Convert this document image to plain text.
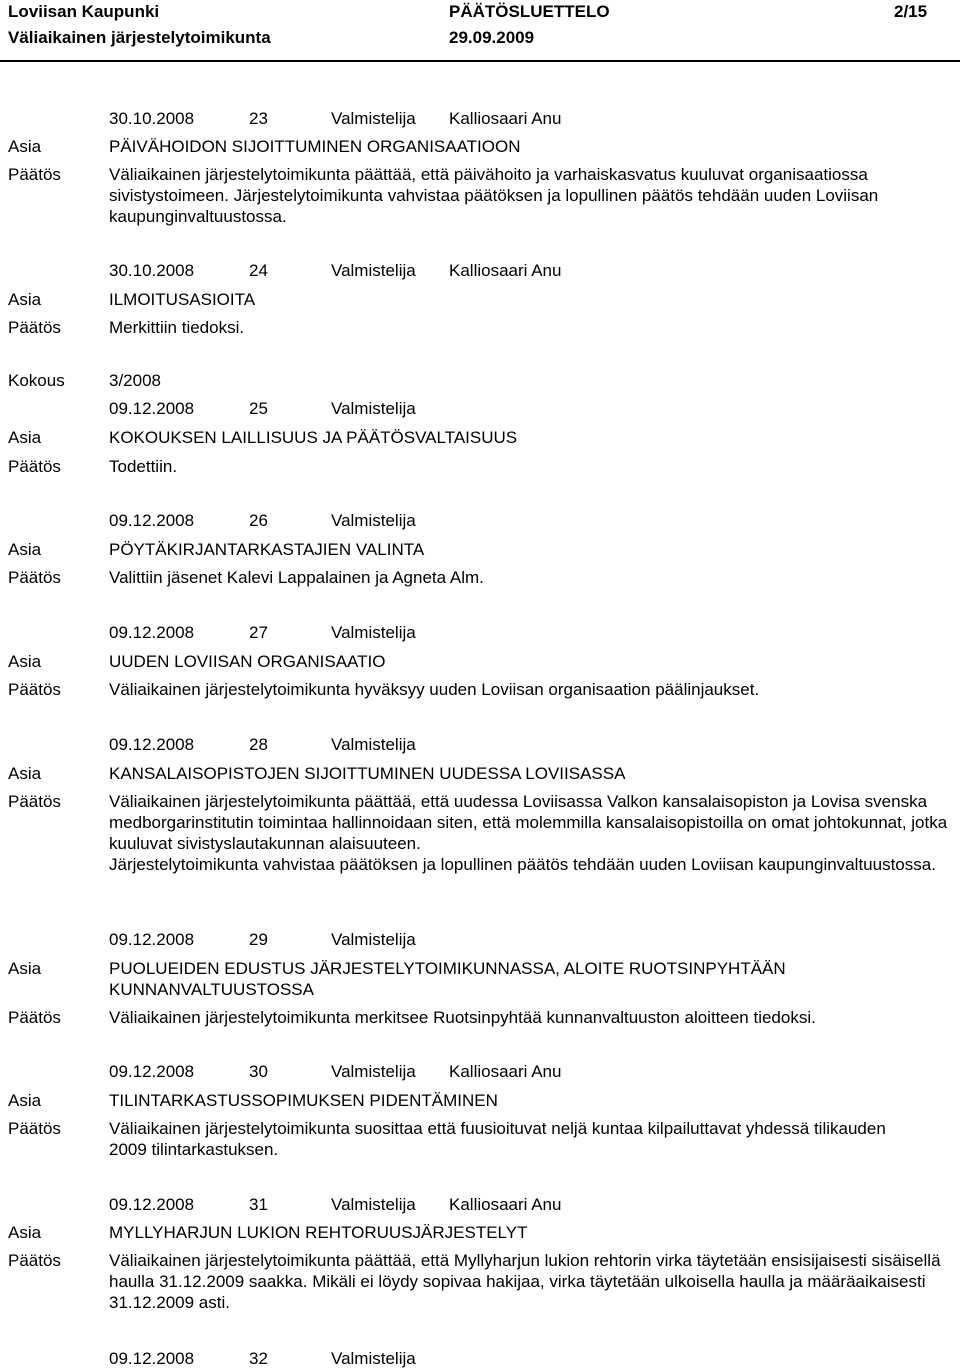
Loviisan Kaupunki	PÄÄTÖSLUETTELO	2/15
Väliaikainen järjestelytoimikunta	29.09.2009
30.10.2008	23	Valmistelija Kalliosaari Anu
Asia	PÄIVÄHOIDON SIJOITTUMINEN ORGANISAATIOON
Päätös	Väliaikainen järjestelytoimikunta päättää, että päivähoito ja varhaiskasvatus kuuluvat organisaatiossa sivistystoimeen. Järjestelytoimikunta vahvistaa päätöksen ja lopullinen päätös tehdään uuden Loviisan kaupunginvaltuustossa.
30.10.2008	24	Valmistelija Kalliosaari Anu
Asia	ILMOITUSASIOITA
Päätös	Merkittiin tiedoksi.
Kokous	3/2008
09.12.2008	25	Valmistelija
Asia	KOKOUKSEN LAILLISUUS JA PÄÄTÖSVALTAISUUS
Päätös	Todettiin.
09.12.2008	26	Valmistelija
Asia	PÖYTÄKIRJANTARKASTAJIEN VALINTA
Päätös	Valittiin jäsenet Kalevi Lappalainen ja Agneta Alm.
09.12.2008	27	Valmistelija
Asia	UUDEN LOVIISAN ORGANISAATIO
Päätös	Väliaikainen järjestelytoimikunta hyväksyy uuden Loviisan organisaation päälinjaukset.
09.12.2008	28	Valmistelija
Asia	KANSALAISOPISTOJEN SIJOITTUMINEN UUDESSA LOVIISASSA
Päätös	Väliaikainen järjestelytoimikunta päättää, että uudessa Loviisassa Valkon kansalaisopiston ja Lovisa svenska medborgarinstitutin toimintaa hallinnoidaan siten, että molemmilla kansalaisopistoilla on omat johtokunnat, jotka kuuluvat sivistyslautakunnan alaisuuteen.
Järjestelytoimikunta vahvistaa päätöksen ja lopullinen päätös tehdään uuden Loviisan kaupunginvaltuustossa.
09.12.2008	29	Valmistelija
Asia	PUOLUEIDEN EDUSTUS JÄRJESTELYTOIMIKUNNASSA, ALOITE RUOTSINPYHTÄÄN KUNNANVALTUUSTOSSA
Päätös	Väliaikainen järjestelytoimikunta merkitsee Ruotsinpyhtää kunnanvaltuuston aloitteen tiedoksi.
09.12.2008	30	Valmistelija Kalliosaari Anu
Asia	TILINTARKASTUSSOPIMUKSEN PIDENTÄMINEN
Päätös	Väliaikainen järjestelytoimikunta suosittaa että fuusioituvat neljä kuntaa kilpailuttavat yhdessä tilikauden 2009 tilintarkastuksen.
09.12.2008	31	Valmistelija Kalliosaari Anu
Asia	MYLLYHARJUN LUKION REHTORUUSJÄRJESTELYT
Päätös	Väliaikainen järjestelytoimikunta päättää, että Myllyharjun lukion rehtorin virka täytetään ensisijaisesti sisäisellä haulla 31.12.2009 saakka. Mikäli ei löydy sopivaa hakijaa, virka täytetään ulkoisella haulla ja määräaikaisesti 31.12.2009 asti.
09.12.2008	32	Valmistelija
